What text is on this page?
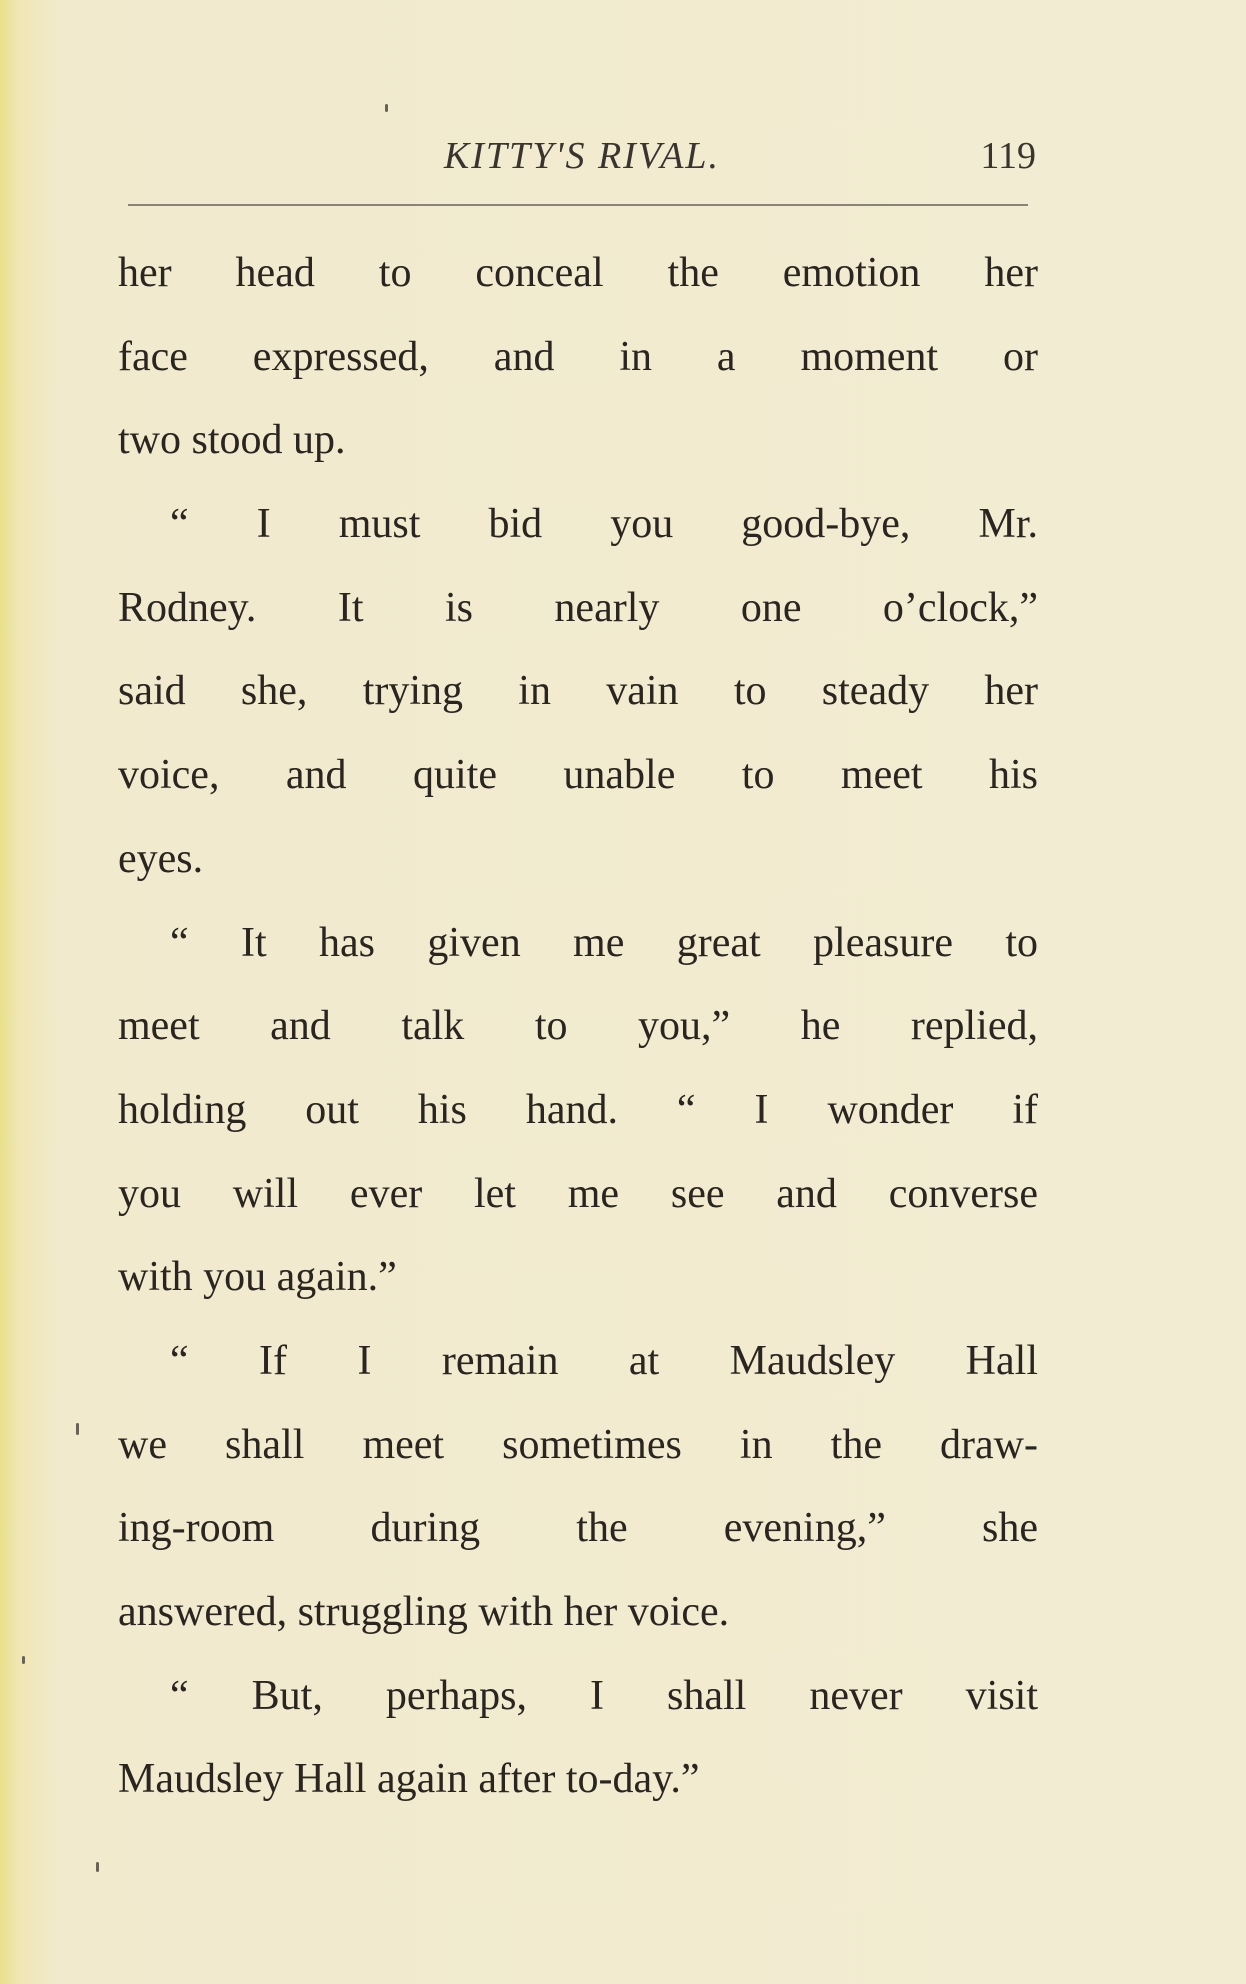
KITTY'S RIVAL.	119
her head to conceal the emotion her
face expressed, and in a moment or
two stood up.
“ I must bid you good-bye, Mr.
Rodney. It is nearly one o’clock,”
said she, trying in vain to steady her
voice, and quite unable to meet his
eyes.
“ It has given me great pleasure to
meet and talk to you,” he replied,
holding out his hand. “ I wonder if
you will ever let me see and converse
with you again.”
“ If I remain at Maudsley Hall
we shall meet sometimes in the draw-
ing-room during the evening,” she
answered, struggling with her voice.
“ But, perhaps, I shall never visit
Maudsley Hall again after to-day.”
